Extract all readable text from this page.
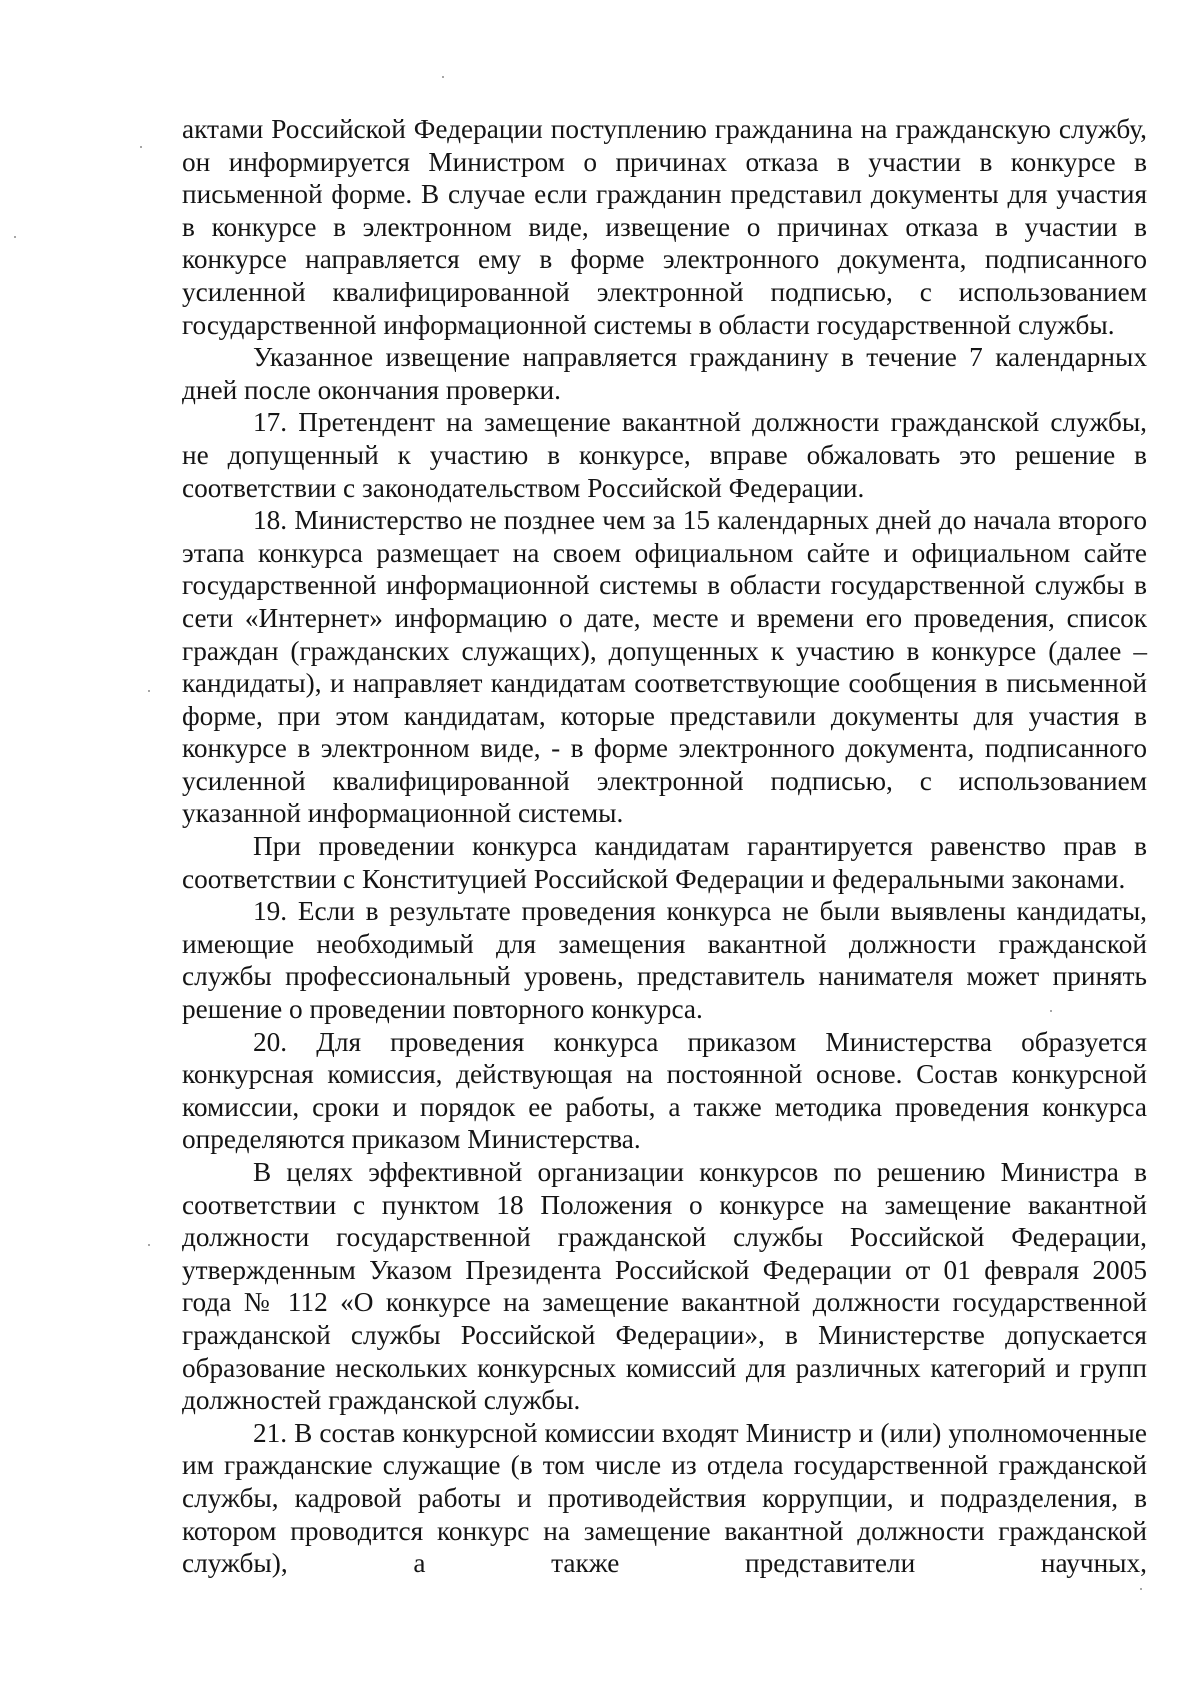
актами Российской Федерации поступлению гражданина на гражданскую службу, он информируется Министром о причинах отказа в участии в конкурсе в письменной форме. В случае если гражданин представил документы для участия в конкурсе в электронном виде, извещение о причинах отказа в участии в конкурсе направляется ему в форме электронного документа, подписанного усиленной квалифицированной электронной подписью, с использованием государственной информационной системы в области государственной службы.

Указанное извещение направляется гражданину в течение 7 календарных дней после окончания проверки.

17. Претендент на замещение вакантной должности гражданской службы, не допущенный к участию в конкурсе, вправе обжаловать это решение в соответствии с законодательством Российской Федерации.

18. Министерство не позднее чем за 15 календарных дней до начала второго этапа конкурса размещает на своем официальном сайте и официальном сайте государственной информационной системы в области государственной службы в сети «Интернет» информацию о дате, месте и времени его проведения, список граждан (гражданских служащих), допущенных к участию в конкурсе (далее – кандидаты), и направляет кандидатам соответствующие сообщения в письменной форме, при этом кандидатам, которые представили документы для участия в конкурсе в электронном виде, - в форме электронного документа, подписанного усиленной квалифицированной электронной подписью, с использованием указанной информационной системы.

При проведении конкурса кандидатам гарантируется равенство прав в соответствии с Конституцией Российской Федерации и федеральными законами.

19. Если в результате проведения конкурса не были выявлены кандидаты, имеющие необходимый для замещения вакантной должности гражданской службы профессиональный уровень, представитель нанимателя может принять решение о проведении повторного конкурса.

20. Для проведения конкурса приказом Министерства образуется конкурсная комиссия, действующая на постоянной основе. Состав конкурсной комиссии, сроки и порядок ее работы, а также методика проведения конкурса определяются приказом Министерства.

В целях эффективной организации конкурсов по решению Министра в соответствии с пунктом 18 Положения о конкурсе на замещение вакантной должности государственной гражданской службы Российской Федерации, утвержденным Указом Президента Российской Федерации от 01 февраля 2005 года № 112 «О конкурсе на замещение вакантной должности государственной гражданской службы Российской Федерации», в Министерстве допускается образование нескольких конкурсных комиссий для различных категорий и групп должностей гражданской службы.

21. В состав конкурсной комиссии входят Министр и (или) уполномоченные им гражданские служащие (в том числе из отдела государственной гражданской службы, кадровой работы и противодействия коррупции, и подразделения, в котором проводится конкурс на замещение вакантной должности гражданской службы), а также представители научных,
